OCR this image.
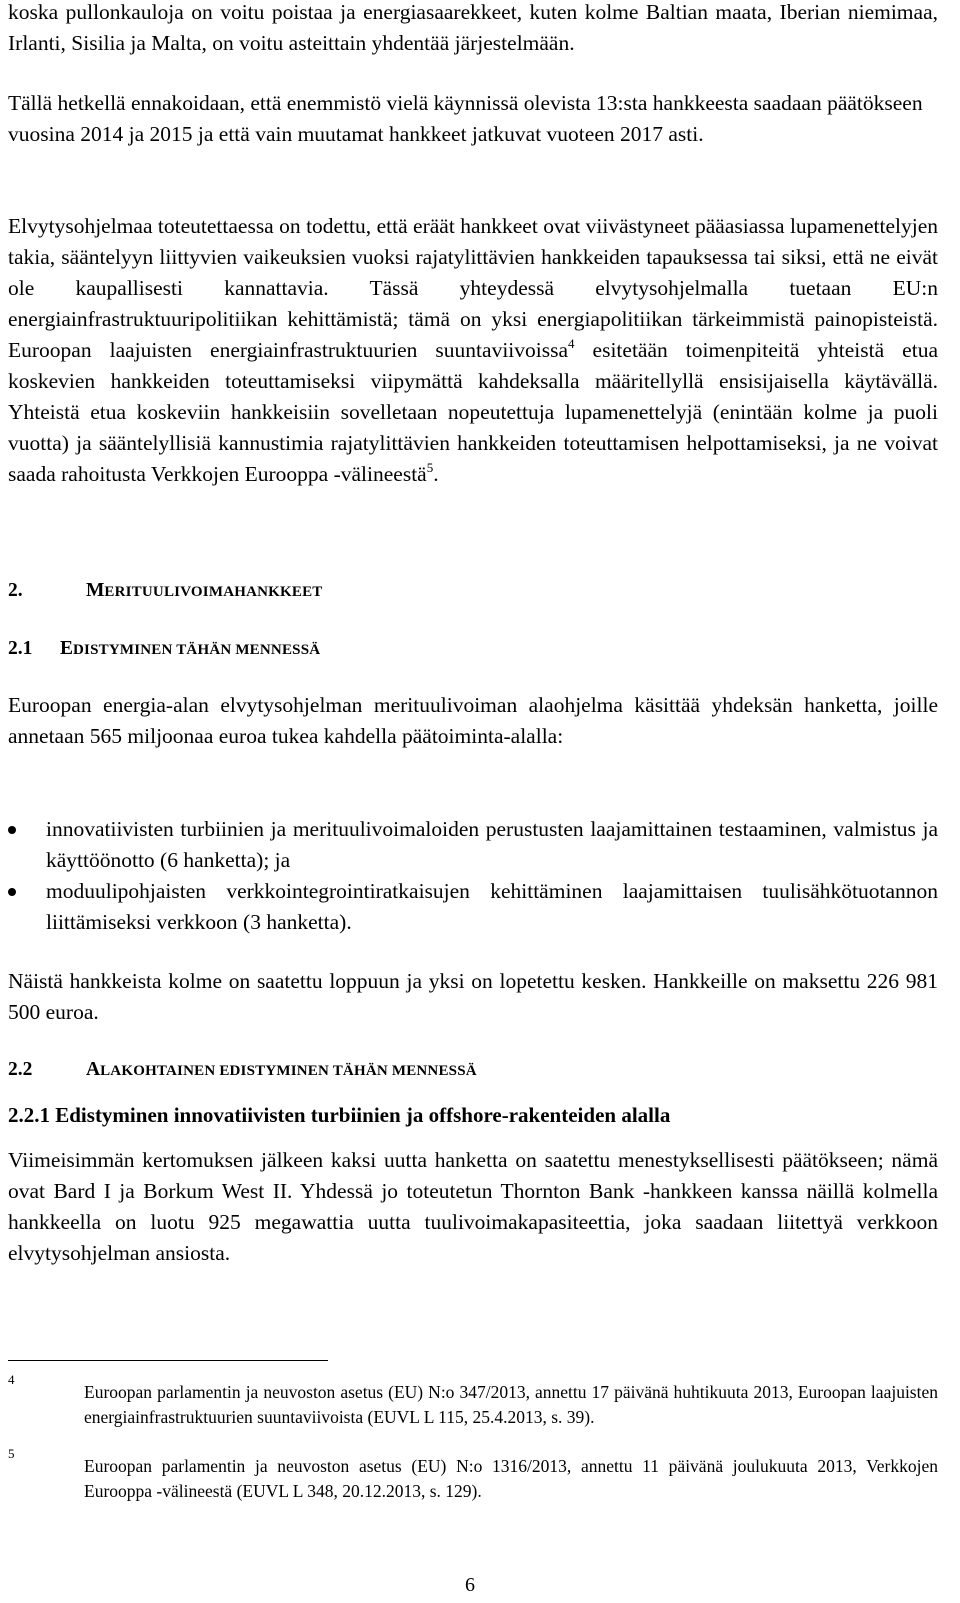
koska pullonkauloja on voitu poistaa ja energiasaarekkeet, kuten kolme Baltian maata, Iberian niemimaa, Irlanti, Sisilia ja Malta, on voitu asteittain yhdentää järjestelmään.

Tällä hetkellä ennakoidaan, että enemmistö vielä käynnissä olevista 13:sta hankkeesta saadaan päätökseen vuosina 2014 ja 2015 ja että vain muutamat hankkeet jatkuvat vuoteen 2017 asti.

Elvytysohjelmaa toteutettaessa on todettu, että eräät hankkeet ovat viivästyneet pääasiassa lupamenettelyjen takia, sääntelyyn liittyvien vaikeuksien vuoksi rajatylittävien hankkeiden tapauksessa tai siksi, että ne eivät ole kaupallisesti kannattavia. Tässä yhteydessä elvytysohjelmalla tuetaan EU:n energiainfrastruktuuripolitiikan kehittämistä; tämä on yksi energiapolitiikan tärkeimmistä painopisteistä. Euroopan laajuisten energiainfrastruktuurien suuntaviivoissa$^4$ esitetään toimenpiteitä yhteistä etua koskevien hankkeiden toteuttamiseksi viipymättä kahdeksalla määritellyllä ensisijaisella käytävällä. Yhteistä etua koskeviin hankkeisiin sovelletaan nopeutettuja lupamenettelyjä (enintään kolme ja puoli vuotta) ja sääntelyllisiä kannustimia rajatylittävien hankkeiden toteuttamisen helpottamiseksi, ja ne voivat saada rahoitusta Verkkojen Eurooppa -välineestä$^5$.

2.	MERITUULIVOIMAHANKKEET
2.1 EDISTYMINEN TÄHÄN MENNESSÄ

Euroopan energia-alan elvytysohjelman merituulivoiman alaohjelma käsittää yhdeksän hanketta, joille annetaan 565 miljoonaa euroa tukea kahdella päätoiminta-alalla:

innovatiivisten turbiinien ja merituulivoimaloiden perustusten laajamittainen testaaminen, valmistus ja käyttöönotto (6 hanketta); ja
moduulipohjaisten verkkointegrointiratkaisujen kehittäminen laajamittaisen tuulisähkötuotannon liittämiseksi verkkoon (3 hanketta).

Näistä hankkeista kolme on saatettu loppuun ja yksi on lopetettu kesken. Hankkeille on maksettu 226 981 500 euroa.

2.2	ALAKOHTAINEN EDISTYMINEN TÄHÄN MENNESSÄ
2.2.1 Edistyminen innovatiivisten turbiinien ja offshore-rakenteiden alalla

Viimeisimmän kertomuksen jälkeen kaksi uutta hanketta on saatettu menestyksellisesti päätökseen; nämä ovat Bard I ja Borkum West II. Yhdessä jo toteutetun Thornton Bank -hankkeen kanssa näillä kolmella hankkeella on luotu 925 megawattia uutta tuulivoimakapasiteettia, joka saadaan liitettyä verkkoon elvytysohjelman ansiosta.

4
Euroopan parlamentin ja neuvoston asetus (EU) N:o 347/2013, annettu 17 päivänä huhtikuuta 2013, Euroopan laajuisten energiainfrastruktuurien suuntaviivoista (EUVL L 115, 25.4.2013, s. 39).
5
Euroopan parlamentin ja neuvoston asetus (EU) N:o 1316/2013, annettu 11 päivänä joulukuuta 2013, Verkkojen Eurooppa -välineestä (EUVL L 348, 20.12.2013, s. 129).
6
